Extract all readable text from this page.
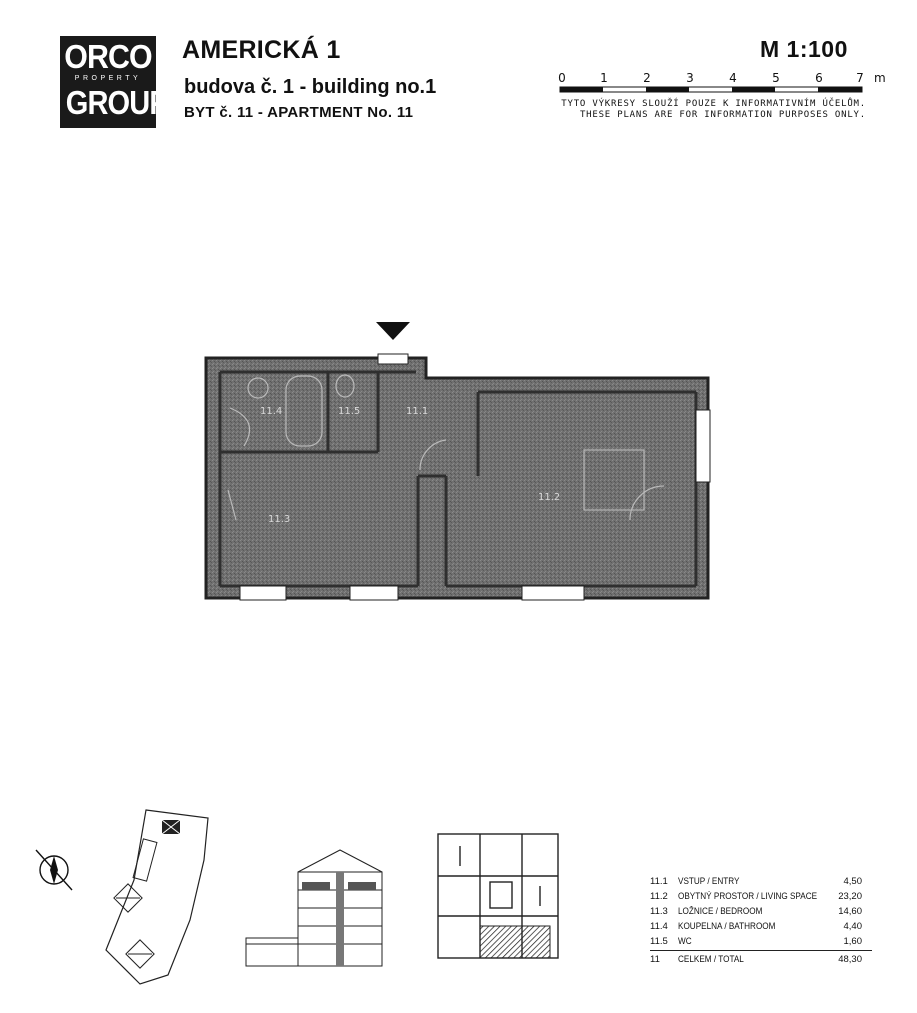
ORCO
PROPERTY
GROUP
AMERICKÁ 1
budova č. 1 - building no.1
BYT č. 11 - APARTMENT No. 11
M 1:100
0	1	2	3	4	5	6	7 m
TYTO VÝKRESY SLOUŽÍ POUZE K INFORMATIVNÍM ÚČELŮM.
THESE PLANS ARE FOR INFORMATION PURPOSES ONLY.
11.4	11.5	11.1
11.3
11.2
11.1	VSTUP / ENTRY	4,50
11.2	OBYTNÝ PROSTOR / LIVING SPACE 23,20
11.3	LOŽNICE / BEDROOM	14,60
11.4	KOUPELNA / BATHROOM	4,40
11.5	WC	1,60
11	CELKEM / TOTAL	48,30
